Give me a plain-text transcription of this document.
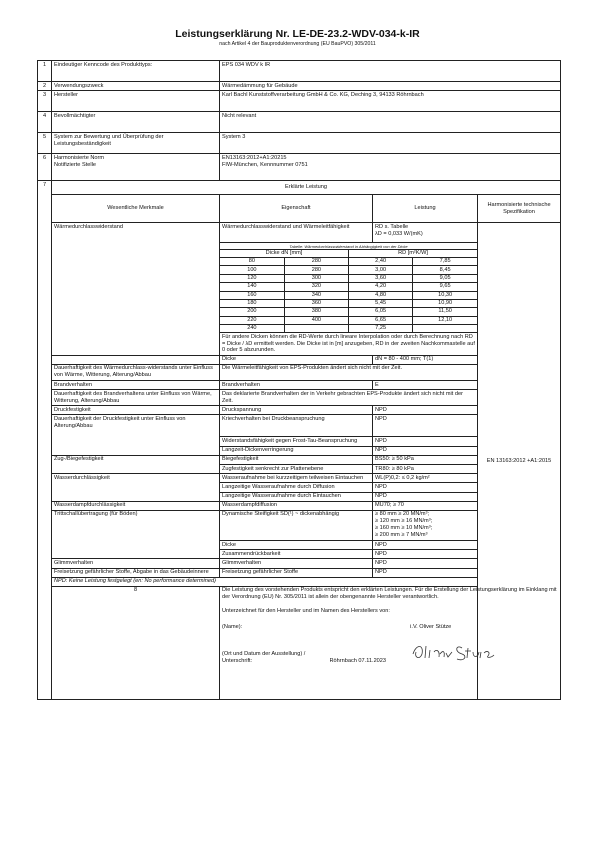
Leistungserklärung Nr. LE-DE-23.2-WDV-034-k-IR
nach Artikel 4 der Bauproduktenverordnung (EU BauPVO) 305/2011
1	Eindeutiger Kenncode des Produkttyps:	EPS 034 WDV k IR
2	Verwendungszweck	Wärmedämmung für Gebäude
3	Hersteller	Karl Bachl Kunststoffverarbeitung GmbH & Co. KG, Deching 3, 94133 Röhrnbach
4	Bevollmächtigter	Nicht relevant
5	System zur Bewertung und Überprüfung der Leistungsbeständigkeit	System 3
6	Harmonisierte Norm
Notifizierte Stelle

EN13163:2012+A1:20215
FIW-München, Kennnummer 0751

7	Erklärte Leistung
Wesentliche Merkmale	Eigenschaft	Leistung	Harmonisierte technische Spezifikation
Wärmedurchlasswiderstand	Wärmedurchlasswiderstand und Wärmeleitfähigkeit	RD s. Tabelle
λD = 0,033 W/(mK)
	EN 13163:2012 +A1:2015

Tabelle: Wärmedurchlasswiderstand in Abhängigkeit von der Dicke
Dicke dN [mm]	RD [m²K/W]
80	280	2,40	7,85
100	280	3,00	8,45
120	300	3,60	9,05
140	320	4,20	9,65
160	340	4,80	10,30
180	360	5,45	10,90
200	380	6,05	11,50
220	400	6,65	12,10
240		7,25	
Für andere Dicken können die RD-Werte durch lineare Interpolation oder durch Berechnung nach RD = Dicke / λD ermittelt werden. Die Dicke ist in [m] anzugeben, RD in der zweiten Nachkommastelle auf 0 oder 5 abzurunden.

	Dicke	dN = 80 - 400 mm; T(1)
Dauerhaftigkeit des Wärmedurchlass-widerstands unter Einfluss von Wärme, Witterung, Alterung/Abbau	Die Wärmeleitfähigkeit von EPS-Produkten ändert sich nicht mit der Zeit.
Brandverhalten	Brandverhalten	E
Dauerhaftigkeit des Brandverhaltens unter Einfluss von Wärme, Witterung, Alterung/Abbau	Das deklarierte Brandverhalten der in Verkehr gebrachten EPS-Produkte ändert sich nicht mit der Zeit.
Druckfestigkeit	Druckspannung	NPD
Dauerhaftigkeit der Druckfestigkeit unter Einfluss von Alterung/Abbau	Kriechverhalten bei Druckbeanspruchung	NPD
Widerstandsfähigkeit gegen Frost-Tau-Beanspruchung	NPD
Langzeit-Dickenverringerung	NPD
Zug-/Biegefestigkeit	Biegefestigkeit	BS50: ≥ 50 kPa
Zugfestigkeit senkrecht zur Plattenebene	TR80: ≥ 80 kPa
Wasserdurchlässigkeit	Wasseraufnahme bei kurzzeitigem teilweisen Eintauchen	WL(P)0,2: ≤ 0,2 kg/m²
Langzeitige Wasseraufnahme durch Diffusion	NPD
Langzeitige Wasseraufnahme durch Eintauchen	NPD
Wasserdampfdurchlässigkeit	Wasserdampfdiffusion	MU70; ≥ 70
Trittschallübertragung (für Böden)	Dynamische Steifigkeit SD(¹) ~ dickenabhängig	≥ 80 mm ≥ 20 MN/m³;
≥ 120 mm ≥ 16 MN/m³;
≥ 160 mm ≥ 10 MN/m³;
≥ 200 mm ≥ 7 MN/m³

Dicke	NPD
Zusammendrückbarkeit	NPD
Glimmverhalten	Glimmverhalten	NPD
Freisetzung gefährlicher Stoffe, Abgabe in das Gebäudeinnere	Freisetzung gefährlicher Stoffe	NPD
NPD: Keine Leistung festgelegt (en: No performance determined)
8	Die Leistung des vorstehenden Produkts entspricht den erklärten Leistungen. Für die Erstellung der Leistungserklärung im Einklang mit der Verordnung (EU) Nr. 305/2011 ist allein der obengenannte Hersteller verantwortlich.
Unterzeichnet für den Hersteller und im Namen des Herstellers von:
(Name):		i.V. Oliver Stütze
(Ort und Datum der Ausstellung) / Unterschrift:	Röhrnbach 07.11.2023	
